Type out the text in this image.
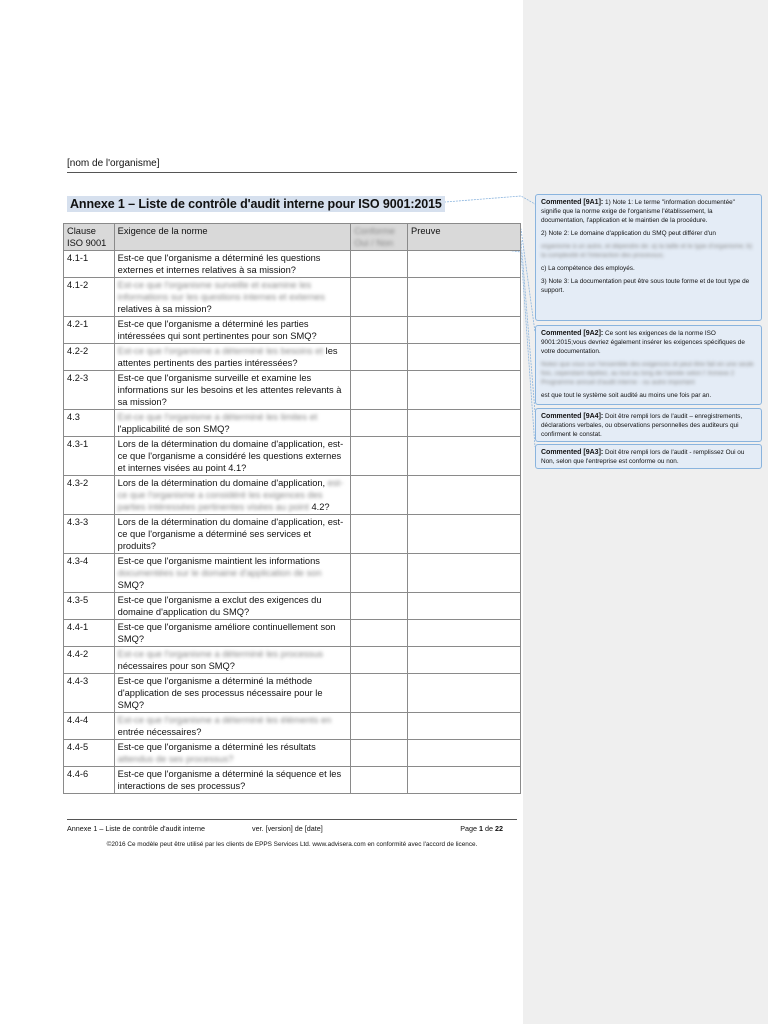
[nom de l'organisme]
Annexe 1 – Liste de contrôle d'audit interne pour ISO 9001:2015
Clause ISO 9001	Exigence de la norme	Conforme Oui / Non	Preuve
4.1-1	Est-ce que l'organisme a déterminé les questions externes et internes relatives à sa mission?		
4.1-2	Est-ce que l'organisme surveille et examine les informations sur les questions internes et externes relatives à sa mission?		
4.2-1	Est-ce que l'organisme a déterminé les parties intéressées qui sont pertinentes pour son SMQ?		
4.2-2	Est-ce que l'organisme a déterminé les besoins et les attentes pertinents des parties intéressées?		
4.2-3	Est-ce que l'organisme surveille et examine les informations sur les besoins et les attentes relevants à sa mission?		
4.3	Est-ce que l'organisme a déterminé les limites et l'applicabilité de son SMQ?		
4.3-1	Lors de la détermination du domaine d'application, est-ce que l'organisme a considéré les questions externes et internes visées au point 4.1?		
4.3-2	Lors de la détermination du domaine d'application, est-ce que l'organisme a considéré les exigences des parties intéressées pertinentes visées au point 4.2?		
4.3-3	Lors de la détermination du domaine d'application, est-ce que l'organisme a déterminé ses services et produits?		
4.3-4	Est-ce que l'organisme maintient les informations documentées sur le domaine d'application de son SMQ?		
4.3-5	Est-ce que l'organisme a exclut des exigences du domaine d'application du SMQ?		
4.4-1	Est-ce que l'organisme améliore continuellement son SMQ?		
4.4-2	Est-ce que l'organisme a déterminé les processus nécessaires pour son SMQ?		
4.4-3	Est-ce que l'organisme a déterminé la méthode d'application de ses processus nécessaire pour le SMQ?		
4.4-4	Est-ce que l'organisme a déterminé les éléments en entrée nécessaires?		
4.4-5	Est-ce que l'organisme a déterminé les résultats attendus de ses processus?		
4.4-6	Est-ce que l'organisme a déterminé la séquence et les interactions de ses processus?		
Annexe 1 – Liste de contrôle d'audit interne	ver. [version] de [date]	Page 1 de 22
©2016 Ce modèle peut être utilisé par les clients de EPPS Services Ltd. www.advisera.com en conformité avec l'accord de licence.

Commented [9A1]: 1) Note 1: Le terme "information documentée" signifie que la norme exige de l'organisme l'établissement, la documentation, l'application et le maintien de la procédure.

2) Note 2: Le domaine d'application du SMQ peut différer d'un

organisme à un autre, et dépendre de: a) la taille et le type d'organisme; b) la complexité et l'interaction des processus;

c) La compétence des employés.

3) Note 3: La documentation peut être sous toute forme et de tout type de support.

Commented [9A2]: Ce sont les exigences de la norme ISO 9001:2015;vous devriez également insérer les exigences spécifiques de votre documentation.

Notez que vous sur l'ensemble des exigences et peut être fait en une seule fois, cependant répétez, au tout au long de l'année selon l' Annexe 2 Programme annuel d'audit interne - ou autre important

est que tout le système soit audité au moins une fois par an.

Commented [9A4]: Doit être rempli lors de l'audit – enregistrements, déclarations verbales, ou observations personnelles des auditeurs qui confirment le constat.

Commented [9A3]: Doit être rempli lors de l'audit - remplissez Oui ou Non, selon que l'entreprise est conforme ou non.
